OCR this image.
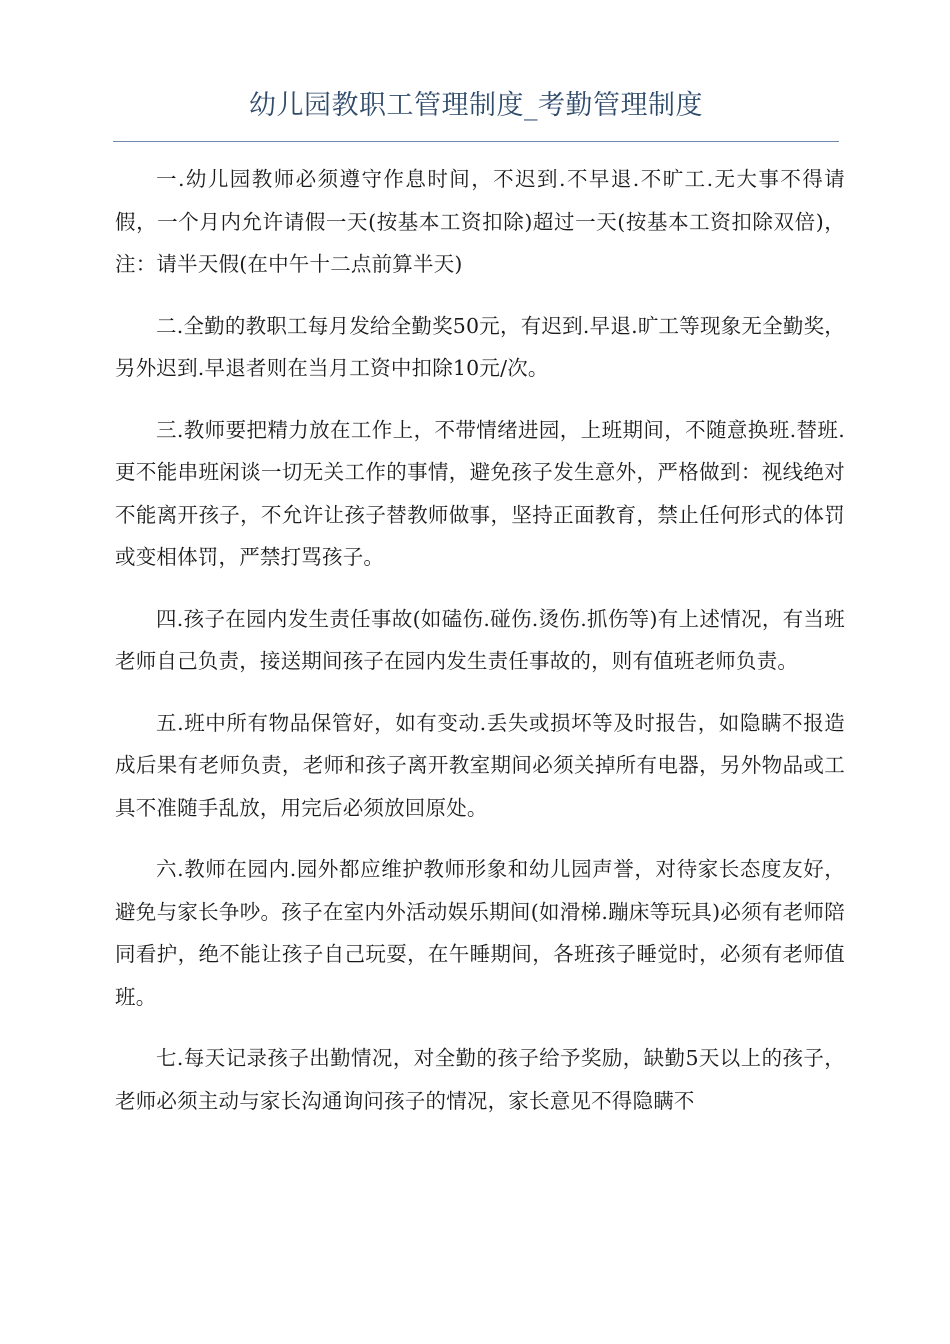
幼儿园教职工管理制度_考勤管理制度

一.幼儿园教师必须遵守作息时间，不迟到.不早退.不旷工.无大事不得请假，一个月内允许请假一天(按基本工资扣除)超过一天(按基本工资扣除双倍)，注：请半天假(在中午十二点前算半天)

二.全勤的教职工每月发给全勤奖50元，有迟到.早退.旷工等现象无全勤奖，另外迟到.早退者则在当月工资中扣除10元/次。

三.教师要把精力放在工作上，不带情绪进园，上班期间，不随意换班.替班.更不能串班闲谈一切无关工作的事情，避免孩子发生意外，严格做到：视线绝对不能离开孩子，不允许让孩子替教师做事，坚持正面教育，禁止任何形式的体罚或变相体罚，严禁打骂孩子。

四.孩子在园内发生责任事故(如磕伤.碰伤.烫伤.抓伤等)有上述情况，有当班老师自己负责，接送期间孩子在园内发生责任事故的，则有值班老师负责。

五.班中所有物品保管好，如有变动.丢失或损坏等及时报告，如隐瞒不报造成后果有老师负责，老师和孩子离开教室期间必须关掉所有电器，另外物品或工具不准随手乱放，用完后必须放回原处。

六.教师在园内.园外都应维护教师形象和幼儿园声誉，对待家长态度友好，避免与家长争吵。孩子在室内外活动娱乐期间(如滑梯.蹦床等玩具)必须有老师陪同看护，绝不能让孩子自己玩耍，在午睡期间，各班孩子睡觉时，必须有老师值班。

七.每天记录孩子出勤情况，对全勤的孩子给予奖励，缺勤5天以上的孩子，老师必须主动与家长沟通询问孩子的情况，家长意见不得隐瞒不
